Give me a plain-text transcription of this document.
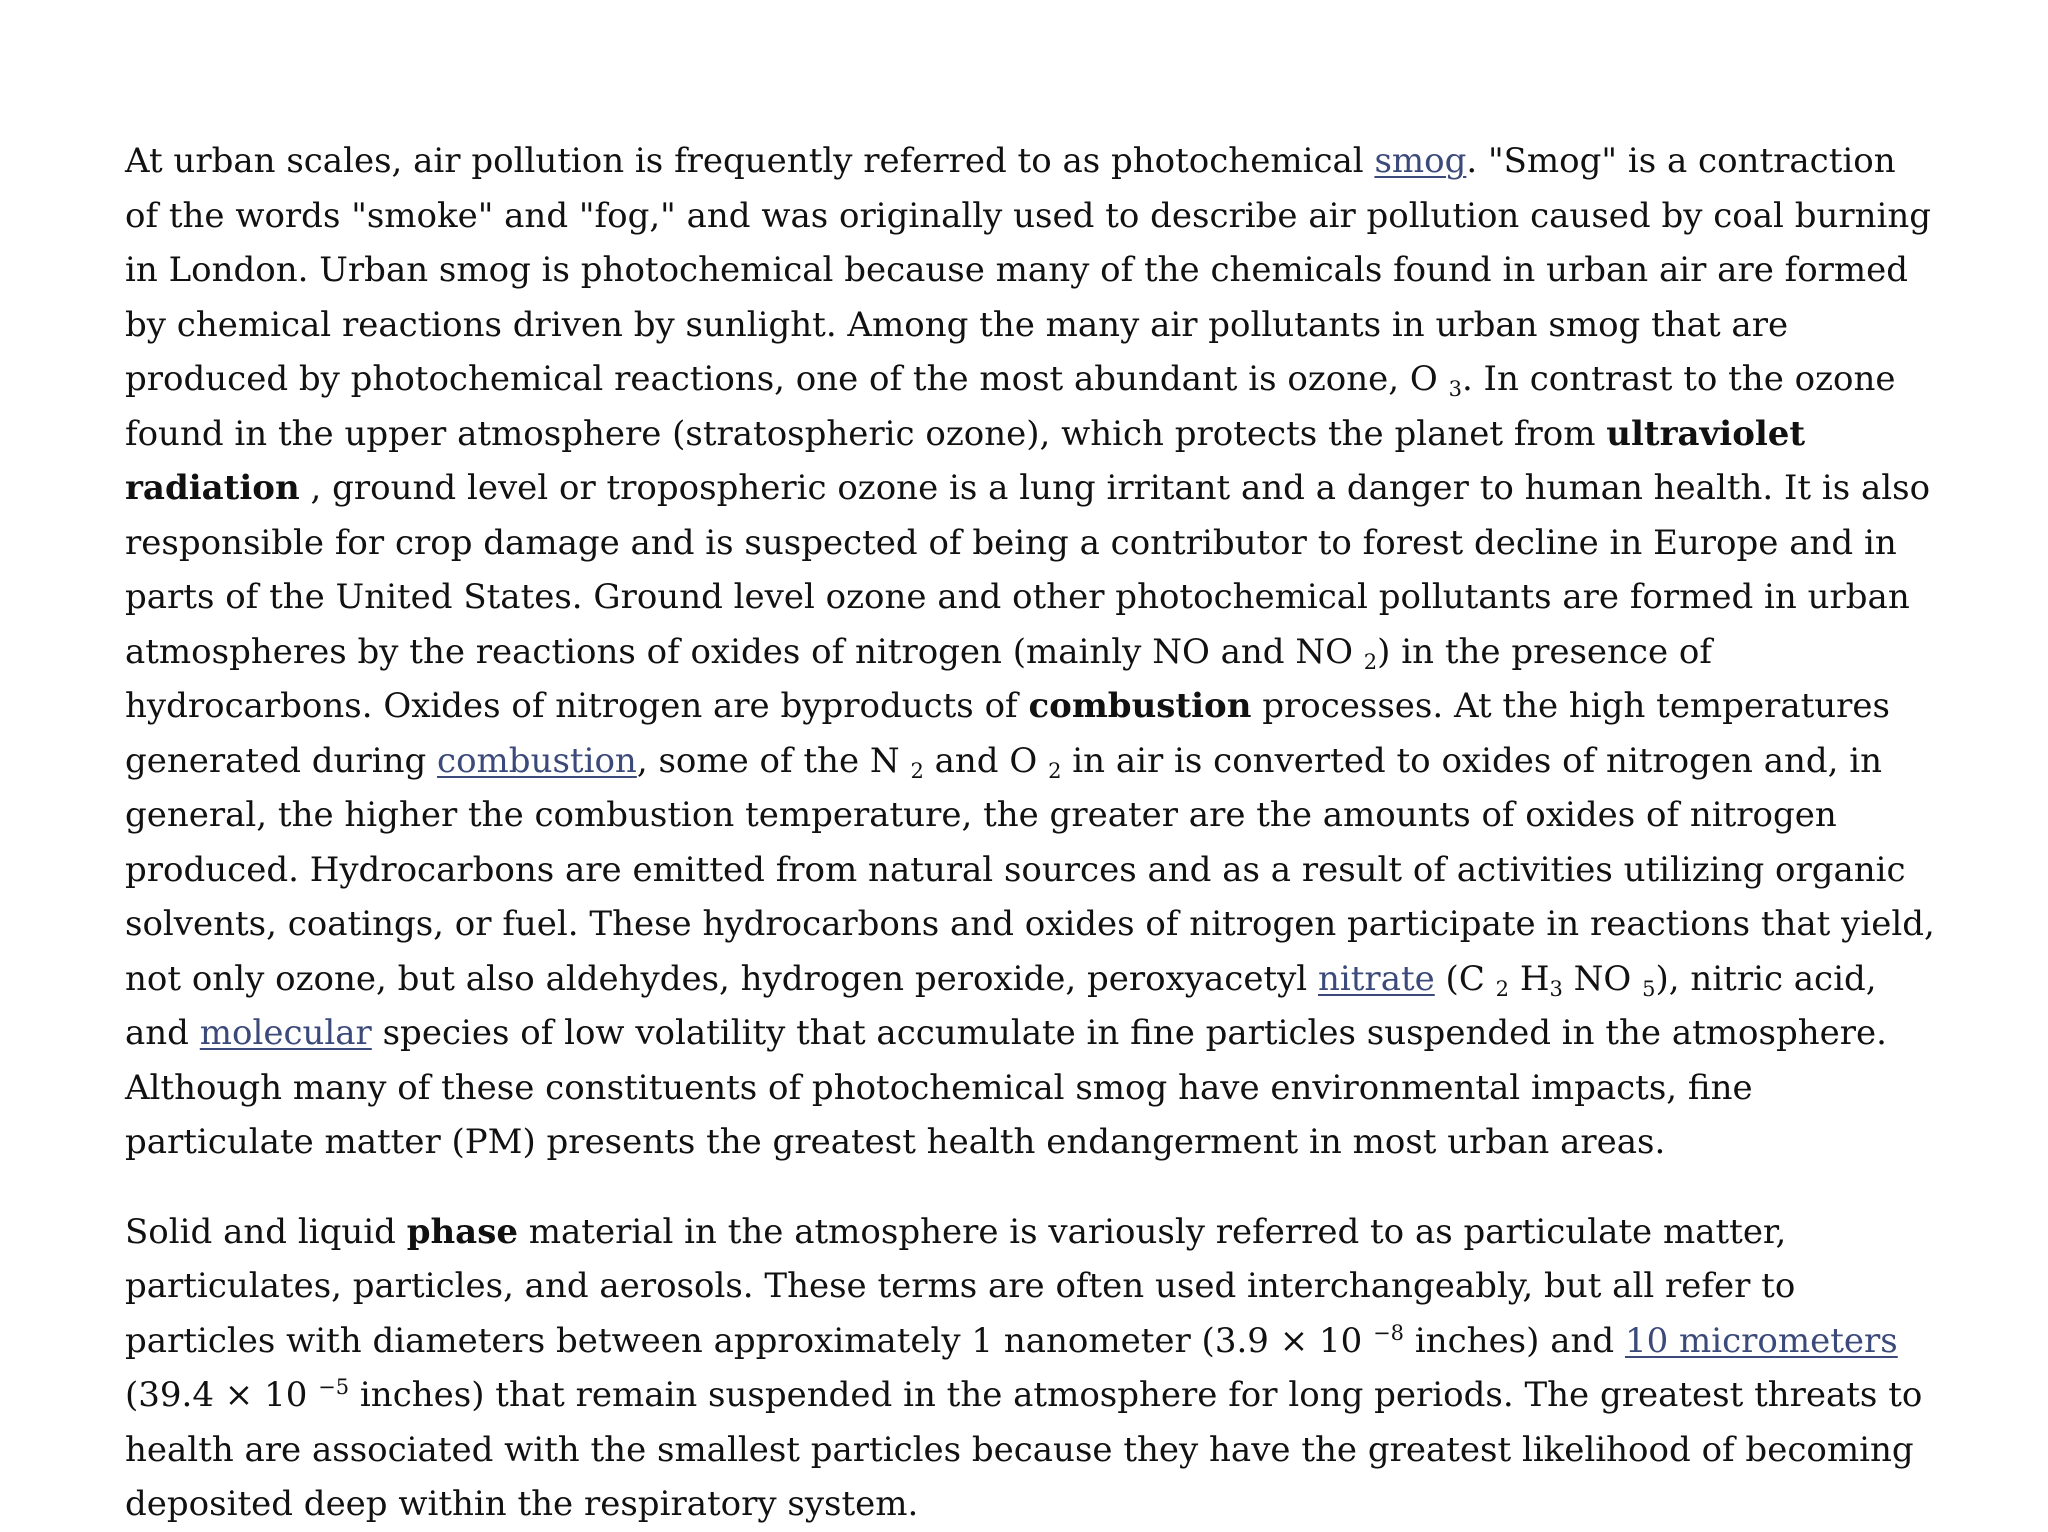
At urban scales, air pollution is frequently referred to as photochemical smog. "Smog" is a contraction of the words "smoke" and "fog," and was originally used to describe air pollution caused by coal burning in London. Urban smog is photochemical because many of the chemicals found in urban air are formed by chemical reactions driven by sunlight. Among the many air pollutants in urban smog that are produced by photochemical reactions, one of the most abundant is ozone, O $_3$. In contrast to the ozone found in the upper atmosphere (stratospheric ozone), which protects the planet from ultraviolet radiation , ground level or tropospheric ozone is a lung irritant and a danger to human health. It is also responsible for crop damage and is suspected of being a contributor to forest decline in Europe and in parts of the United States. Ground level ozone and other photochemical pollutants are formed in urban atmospheres by the reactions of oxides of nitrogen (mainly NO and NO $_2$) in the presence of hydrocarbons. Oxides of nitrogen are byproducts of combustion processes. At the high temperatures generated during combustion, some of the N $_2$ and O $_2$ in air is converted to oxides of nitrogen and, in general, the higher the combustion temperature, the greater are the amounts of oxides of nitrogen produced. Hydrocarbons are emitted from natural sources and as a result of activities utilizing organic solvents, coatings, or fuel. These hydrocarbons and oxides of nitrogen participate in reactions that yield, not only ozone, but also aldehydes, hydrogen peroxide, peroxyacetyl nitrate (C $_2$ $H_3$ NO $_5$), nitric acid, and molecular species of low volatility that accumulate in fine particles suspended in the atmosphere. Although many of these constituents of photochemical smog have environmental impacts, fine particulate matter (PM) presents the greatest health endangerment in most urban areas.

Solid and liquid phase material in the atmosphere is variously referred to as particulate matter, particulates, particles, and aerosols. These terms are often used interchangeably, but all refer to particles with diameters between approximately 1 nanometer (3.9 × 10 $^{-8}$ inches) and 10 micrometers (39.4 × 10 $^{-5}$ inches) that remain suspended in the atmosphere for long periods. The greatest threats to health are associated with the smallest particles because they have the greatest likelihood of becoming deposited deep within the respiratory system.
